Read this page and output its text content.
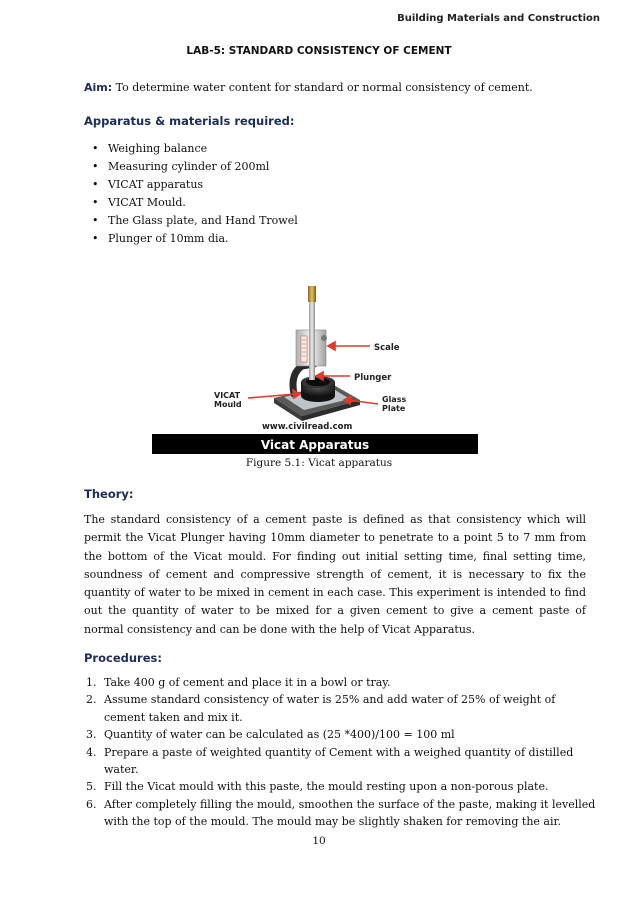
Building Materials and Construction
LAB-5: STANDARD CONSISTENCY OF CEMENT
Aim: To determine water content for standard or normal consistency of cement.
Apparatus & materials required:
• Weighing balance
• Measuring cylinder of 200ml
• VICAT apparatus
• VICAT Mould.
• The Glass plate, and Hand Trowel
• Plunger of 10mm dia.
Scale
Plunger
VICAT
Mould
Glass
Plate
www.civilread.com
Vicat Apparatus
Figure 5.1: Vicat apparatus
Theory:
The standard consistency of a cement paste is defined as that consistency which will permit the Vicat Plunger having 10mm diameter to penetrate to a point 5 to 7 mm from the bottom of the Vicat mould. For finding out initial setting time, final setting time, soundness of cement and compressive strength of cement, it is necessary to fix the quantity of water to be mixed in cement in each case. This experiment is intended to find out the quantity of water to be mixed for a given cement to give a cement paste of normal consistency and can be done with the help of Vicat Apparatus.
Procedures:
1. Take 400 g of cement and place it in a bowl or tray.
2. Assume standard consistency of water is 25% and add water of 25% of weight of cement taken and mix it.
3. Quantity of water can be calculated as (25 *400)/100 = 100 ml
4. Prepare a paste of weighted quantity of Cement with a weighed quantity of distilled water.
5. Fill the Vicat mould with this paste, the mould resting upon a non-porous plate.
6. After completely filling the mould, smoothen the surface of the paste, making it levelled with the top of the mould. The mould may be slightly shaken for removing the air.
10
